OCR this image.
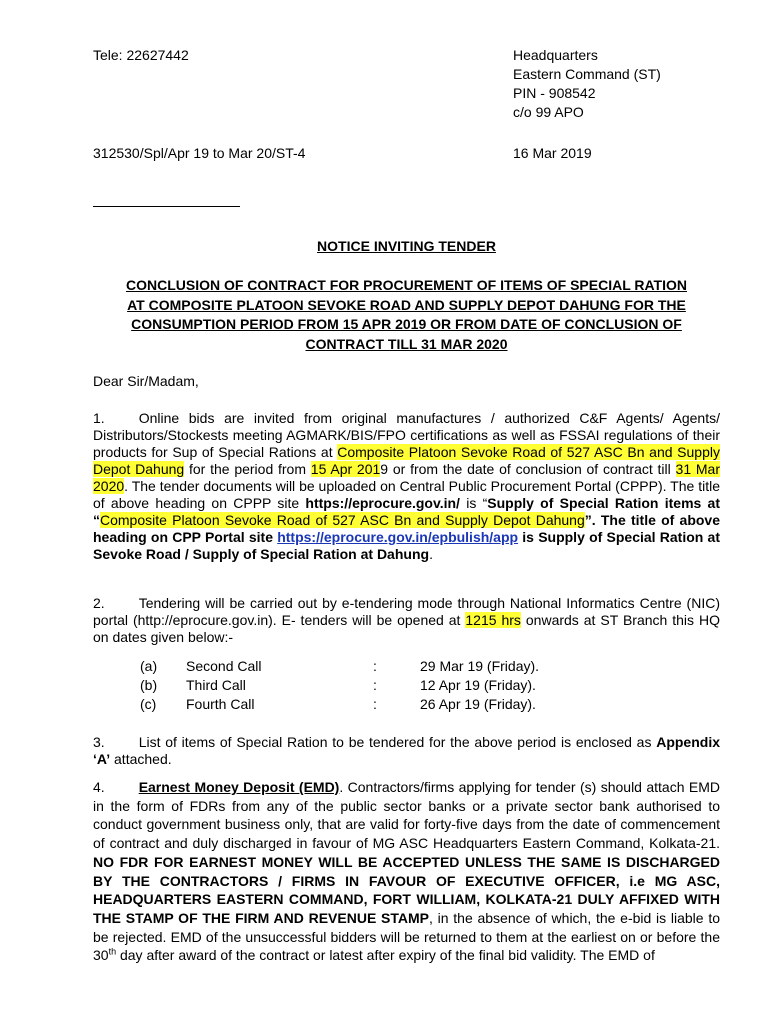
Tele: 22627442
312530/Spl/Apr 19 to Mar 20/ST-4
Headquarters
Eastern Command (ST)
PIN - 908542
c/o 99 APO
16 Mar 2019
NOTICE INVITING TENDER
CONCLUSION OF CONTRACT FOR PROCUREMENT OF ITEMS OF SPECIAL RATION
AT COMPOSITE PLATOON SEVOKE ROAD AND SUPPLY DEPOT DAHUNG FOR THE
CONSUMPTION PERIOD FROM 15 APR 2019 OR FROM DATE OF CONCLUSION OF
CONTRACT TILL 31 MAR 2020
Dear Sir/Madam,
1. Online bids are invited from original manufactures / authorized C&F Agents/ Agents/ Distributors/Stockests meeting AGMARK/BIS/FPO certifications as well as FSSAI regulations of their products for Sup of Special Rations at Composite Platoon Sevoke Road of 527 ASC Bn and Supply Depot Dahung for the period from 15 Apr 2019 or from the date of conclusion of contract till 31 Mar 2020. The tender documents will be uploaded on Central Public Procurement Portal (CPPP). The title of above heading on CPPP site https://eprocure.gov.in/ is “Supply of Special Ration items at “Composite Platoon Sevoke Road of 527 ASC Bn and Supply Depot Dahung”. The title of above heading on CPP Portal site https://eprocure.gov.in/epbulish/app is Supply of Special Ration at Sevoke Road / Supply of Special Ration at Dahung.
2. Tendering will be carried out by e-tendering mode through National Informatics Centre (NIC) portal (http://eprocure.gov.in). E- tenders will be opened at 1215 hrs onwards at ST Branch this HQ on dates given below:-
(a) Second Call	:	29 Mar 19 (Friday).
(b) Third Call	:	12 Apr 19 (Friday).
(c) Fourth Call	:	26 Apr 19 (Friday).
3. List of items of Special Ration to be tendered for the above period is enclosed as Appendix ‘A’ attached.
4. Earnest Money Deposit (EMD). Contractors/firms applying for tender (s) should attach EMD in the form of FDRs from any of the public sector banks or a private sector bank authorised to conduct government business only, that are valid for forty-five days from the date of commencement of contract and duly discharged in favour of MG ASC Headquarters Eastern Command, Kolkata-21. NO FDR FOR EARNEST MONEY WILL BE ACCEPTED UNLESS THE SAME IS DISCHARGED BY THE CONTRACTORS / FIRMS IN FAVOUR OF EXECUTIVE OFFICER, i.e MG ASC, HEADQUARTERS EASTERN COMMAND, FORT WILLIAM, KOLKATA-21 DULY AFFIXED WITH THE STAMP OF THE FIRM AND REVENUE STAMP, in the absence of which, the e-bid is liable to be rejected. EMD of the unsuccessful bidders will be returned to them at the earliest on or before the 30th day after award of the contract or latest after expiry of the final bid validity. The EMD of
